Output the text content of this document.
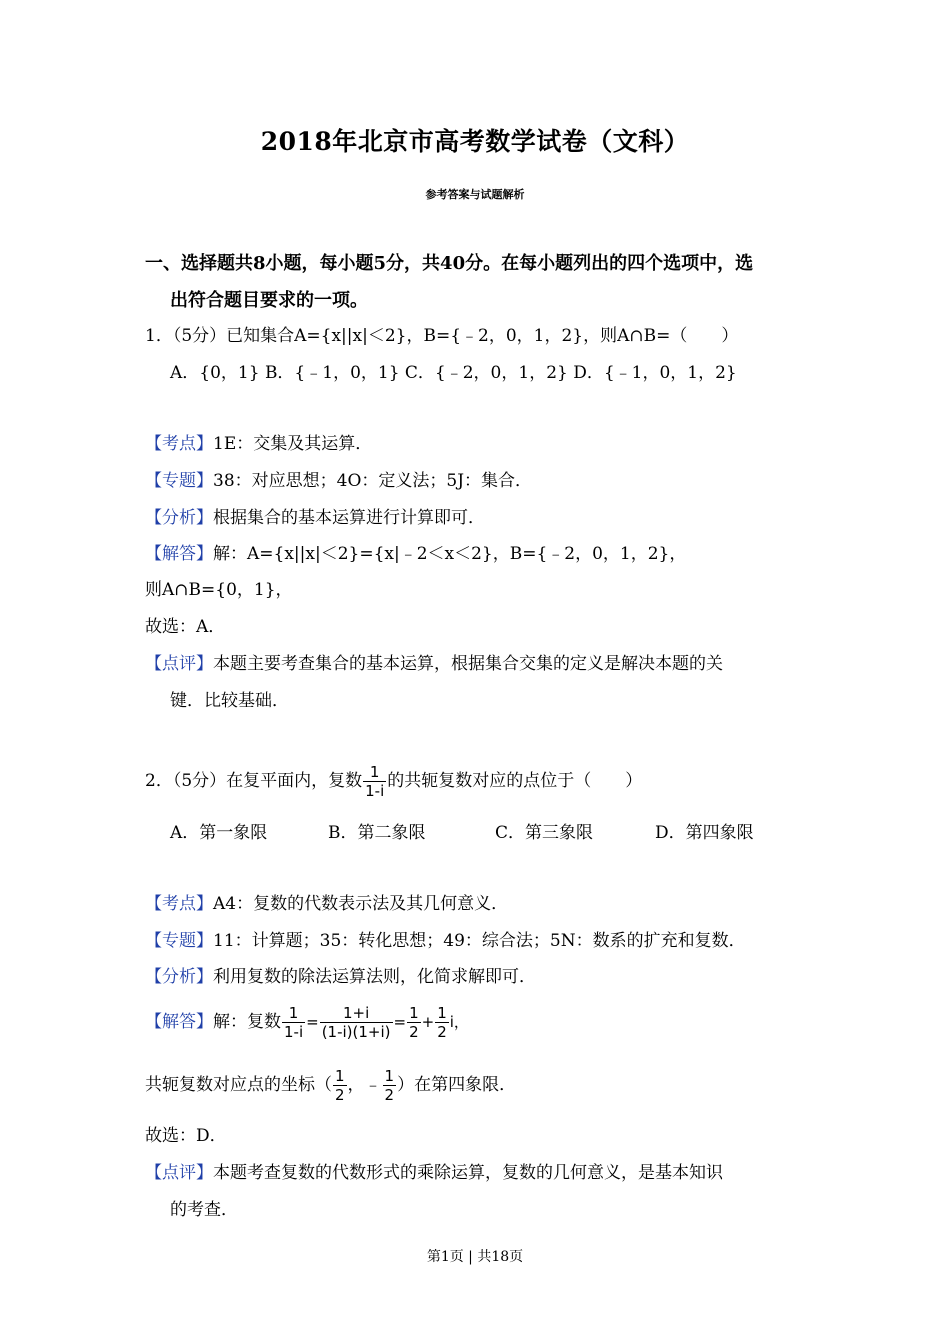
2018年北京市高考数学试卷（文科）
参考答案与试题解析
一、选择题共8小题，每小题5分，共40分。在每小题列出的四个选项中，选
出符合题目要求的一项。
1．（5分）已知集合A={x||x|＜2}，B={﹣2，0，1，2}，则A∩B=（　　）
A．{0，1} B．{﹣1，0，1} C．{﹣2，0，1，2} D．{﹣1，0，1，2}
【考点】1E：交集及其运算．
【专题】38：对应思想；4O：定义法；5J：集合．
【分析】根据集合的基本运算进行计算即可．
【解答】解：A={x||x|＜2}={x|﹣2＜x＜2}，B={﹣2，0，1，2}，
则A∩B={0，1}，
故选：A．
【点评】本题主要考查集合的基本运算，根据集合交集的定义是解决本题的关
键．比较基础．
2．（5分）在复平面内，复数 $\frac{1}{1-i}$ 的共轭复数对应的点位于（　　）
A．第一象限	B．第二象限	C．第三象限	D．第四象限
【考点】A4：复数的代数表示法及其几何意义．
【专题】11：计算题；35：转化思想；49：综合法；5N：数系的扩充和复数．
【分析】利用复数的除法运算法则，化简求解即可．
【解答】解：复数 $\frac{1}{1-i} = \frac{1+i}{(1-i)(1+i)} = \frac{1}{2} + \frac{1}{2}$ i，
共轭复数对应点的坐标（ $\frac{1}{2}$ ，﹣ $\frac{1}{2}$ ）在第四象限．
故选：D．
【点评】本题考查复数的代数形式的乘除运算，复数的几何意义，是基本知识
的考查．
第1页 | 共18页
